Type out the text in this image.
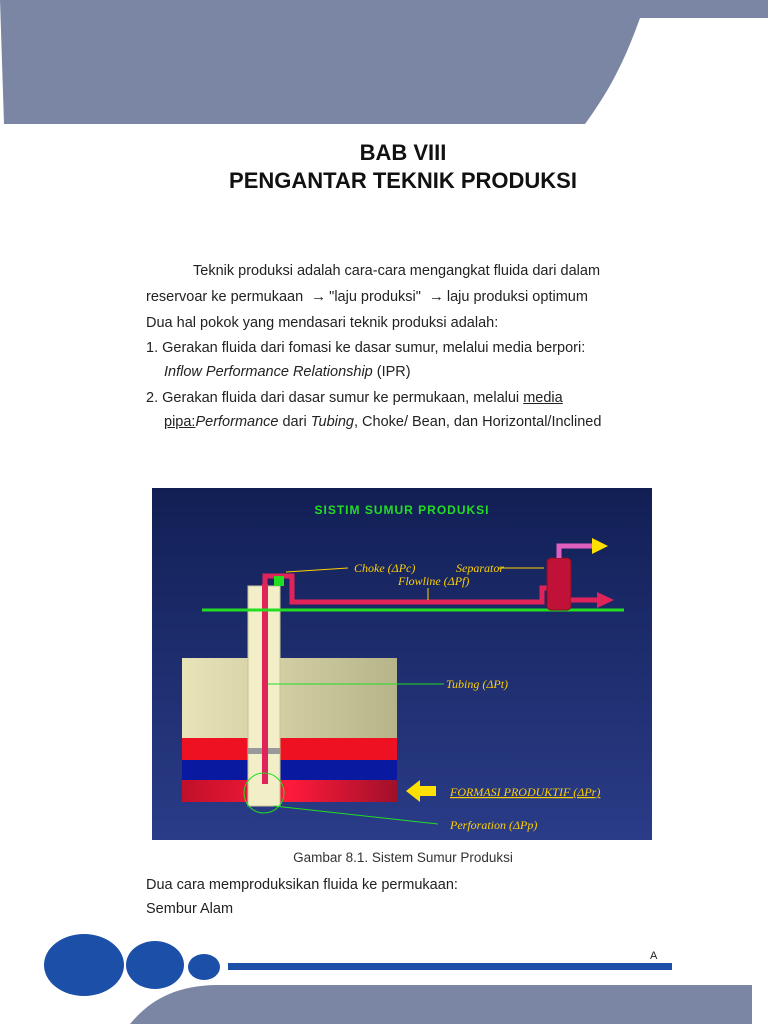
BAB VIII
PENGANTAR TEKNIK PRODUKSI
Teknik produksi adalah cara-cara mengangkat fluida dari dalam
reservoar ke permukaan → "laju produksi" → laju produksi optimum
Dua hal pokok yang mendasari teknik produksi adalah:
1. Gerakan fluida dari fomasi ke dasar sumur, melalui media berpori:
Inflow Performance Relationship (IPR)
2. Gerakan fluida dari dasar sumur ke permukaan, melalui media
pipa:Performance dari Tubing, Choke/ Bean, dan Horizontal/Inclined
SISTIM SUMUR PRODUKSI
Choke (ΔPc)	Separator
Flowline (ΔPf)
Tubing (ΔPt)
FORMASI PRODUKTIF (ΔPr)
Perforation (ΔPp)
Gambar 8.1. Sistem Sumur Produksi
Dua cara memproduksikan fluida ke permukaan:
Sembur Alam
A
